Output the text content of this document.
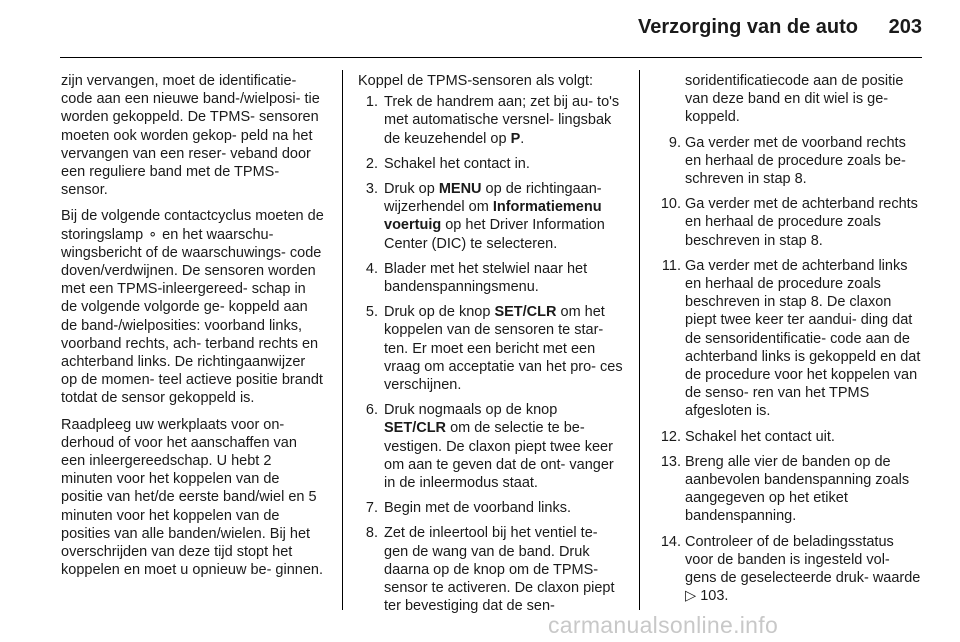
Verzorging van de auto 203

zijn vervangen, moet de identificatie- code aan een nieuwe band-/wielposi- tie worden gekoppeld. De TPMS- sensoren moeten ook worden gekop- peld na het vervangen van een reser- veband door een reguliere band met de TPMS-sensor.

Bij de volgende contactcyclus moeten de storingslamp ⚬ en het waarschu- wingsbericht of de waarschuwings- code doven/verdwijnen. De sensoren worden met een TPMS-inleergereed- schap in de volgende volgorde ge- koppeld aan de band-/wielposities: voorband links, voorband rechts, ach- terband rechts en achterband links. De richtingaanwijzer op de momen- teel actieve positie brandt totdat de sensor gekoppeld is.

Raadpleeg uw werkplaats voor on- derhoud of voor het aanschaffen van een inleergereedschap. U hebt 2 minuten voor het koppelen van de positie van het/de eerste band/wiel en 5 minuten voor het koppelen van de posities van alle banden/wielen. Bij het overschrijden van deze tijd stopt het koppelen en moet u opnieuw be- ginnen.

Koppel de TPMS-sensoren als volgt:

1. Trek de handrem aan; zet bij au- to's met automatische versnel- lingsbak de keuzehendel op P.
2. Schakel het contact in.
3. Druk op MENU op de richtingaan- wijzerhendel om Informatiemenu voertuig op het Driver Information Center (DIC) te selecteren.
4. Blader met het stelwiel naar het bandenspanningsmenu.
5. Druk op de knop SET/CLR om het koppelen van de sensoren te star- ten. Er moet een bericht met een vraag om acceptatie van het pro- ces verschijnen.
6. Druk nogmaals op de knop
SET/CLR om de selectie te be- vestigen. De claxon piept twee keer om aan te geven dat de ont- vanger in de inleermodus staat.
7. Begin met de voorband links.
8. Zet de inleertool bij het ventiel te- gen de wang van de band. Druk daarna op de knop om de TPMS- sensor te activeren. De claxon piept ter bevestiging dat de sen-
soridentificatiecode aan de positie van deze band en dit wiel is ge- koppeld.
9. Ga verder met de voorband rechts en herhaal de procedure zoals be- schreven in stap 8.
10. Ga verder met de achterband rechts en herhaal de procedure zoals beschreven in stap 8.
11. Ga verder met de achterband links en herhaal de procedure zoals beschreven in stap 8. De claxon piept twee keer ter aandui- ding dat de sensoridentificatie- code aan de achterband links is gekoppeld en dat de procedure voor het koppelen van de senso- ren van het TPMS afgesloten is.
12. Schakel het contact uit.
13. Breng alle vier de banden op de aanbevolen bandenspanning zoals aangegeven op het etiket bandenspanning.
14. Controleer of de beladingsstatus voor de banden is ingesteld vol- gens de geselecteerde druk- waarde ▷ 103.
carmanualsonline.info
